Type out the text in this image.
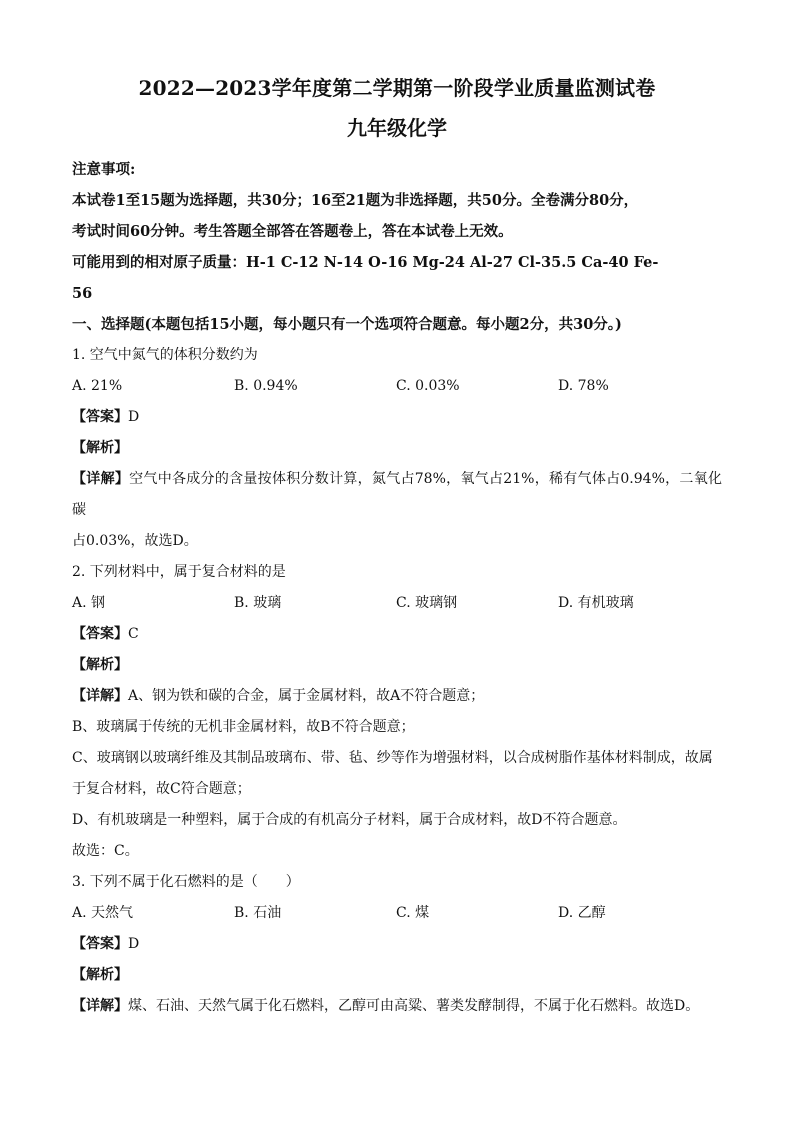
2022—2023学年度第二学期第一阶段学业质量监测试卷
九年级化学
注意事项:
本试卷1至15题为选择题，共30分；16至21题为非选择题，共50分。全卷满分80分，
考试时间60分钟。考生答题全部答在答题卷上，答在本试卷上无效。
可能用到的相对原子质量：H-1 C-12 N-14 O-16 Mg-24 Al-27 Cl-35.5 Ca-40 Fe-
56
一、选择题(本题包括15小题，每小题只有一个选项符合题意。每小题2分，共30分。)
1. 空气中氮气的体积分数约为
A. 21%	B. 0.94%	C. 0.03%	D. 78%
【答案】D
【解析】
【详解】空气中各成分的含量按体积分数计算，氮气占78%，氧气占21%，稀有气体占0.94%，二氧化碳
占0.03%，故选D。
2. 下列材料中，属于复合材料的是
A. 钢	B. 玻璃	C. 玻璃钢	D. 有机玻璃
【答案】C
【解析】
【详解】A、钢为铁和碳的合金，属于金属材料，故A不符合题意；
B、玻璃属于传统的无机非金属材料，故B不符合题意；
C、玻璃钢以玻璃纤维及其制品玻璃布、带、毡、纱等作为增强材料，以合成树脂作基体材料制成，故属
于复合材料，故C符合题意；
D、有机玻璃是一种塑料，属于合成的有机高分子材料，属于合成材料，故D不符合题意。
故选：C。
3. 下列不属于化石燃料的是（　　）
A. 天然气	B. 石油	C. 煤	D. 乙醇
【答案】D
【解析】
【详解】煤、石油、天然气属于化石燃料，乙醇可由高粱、薯类发酵制得，不属于化石燃料。故选D。
